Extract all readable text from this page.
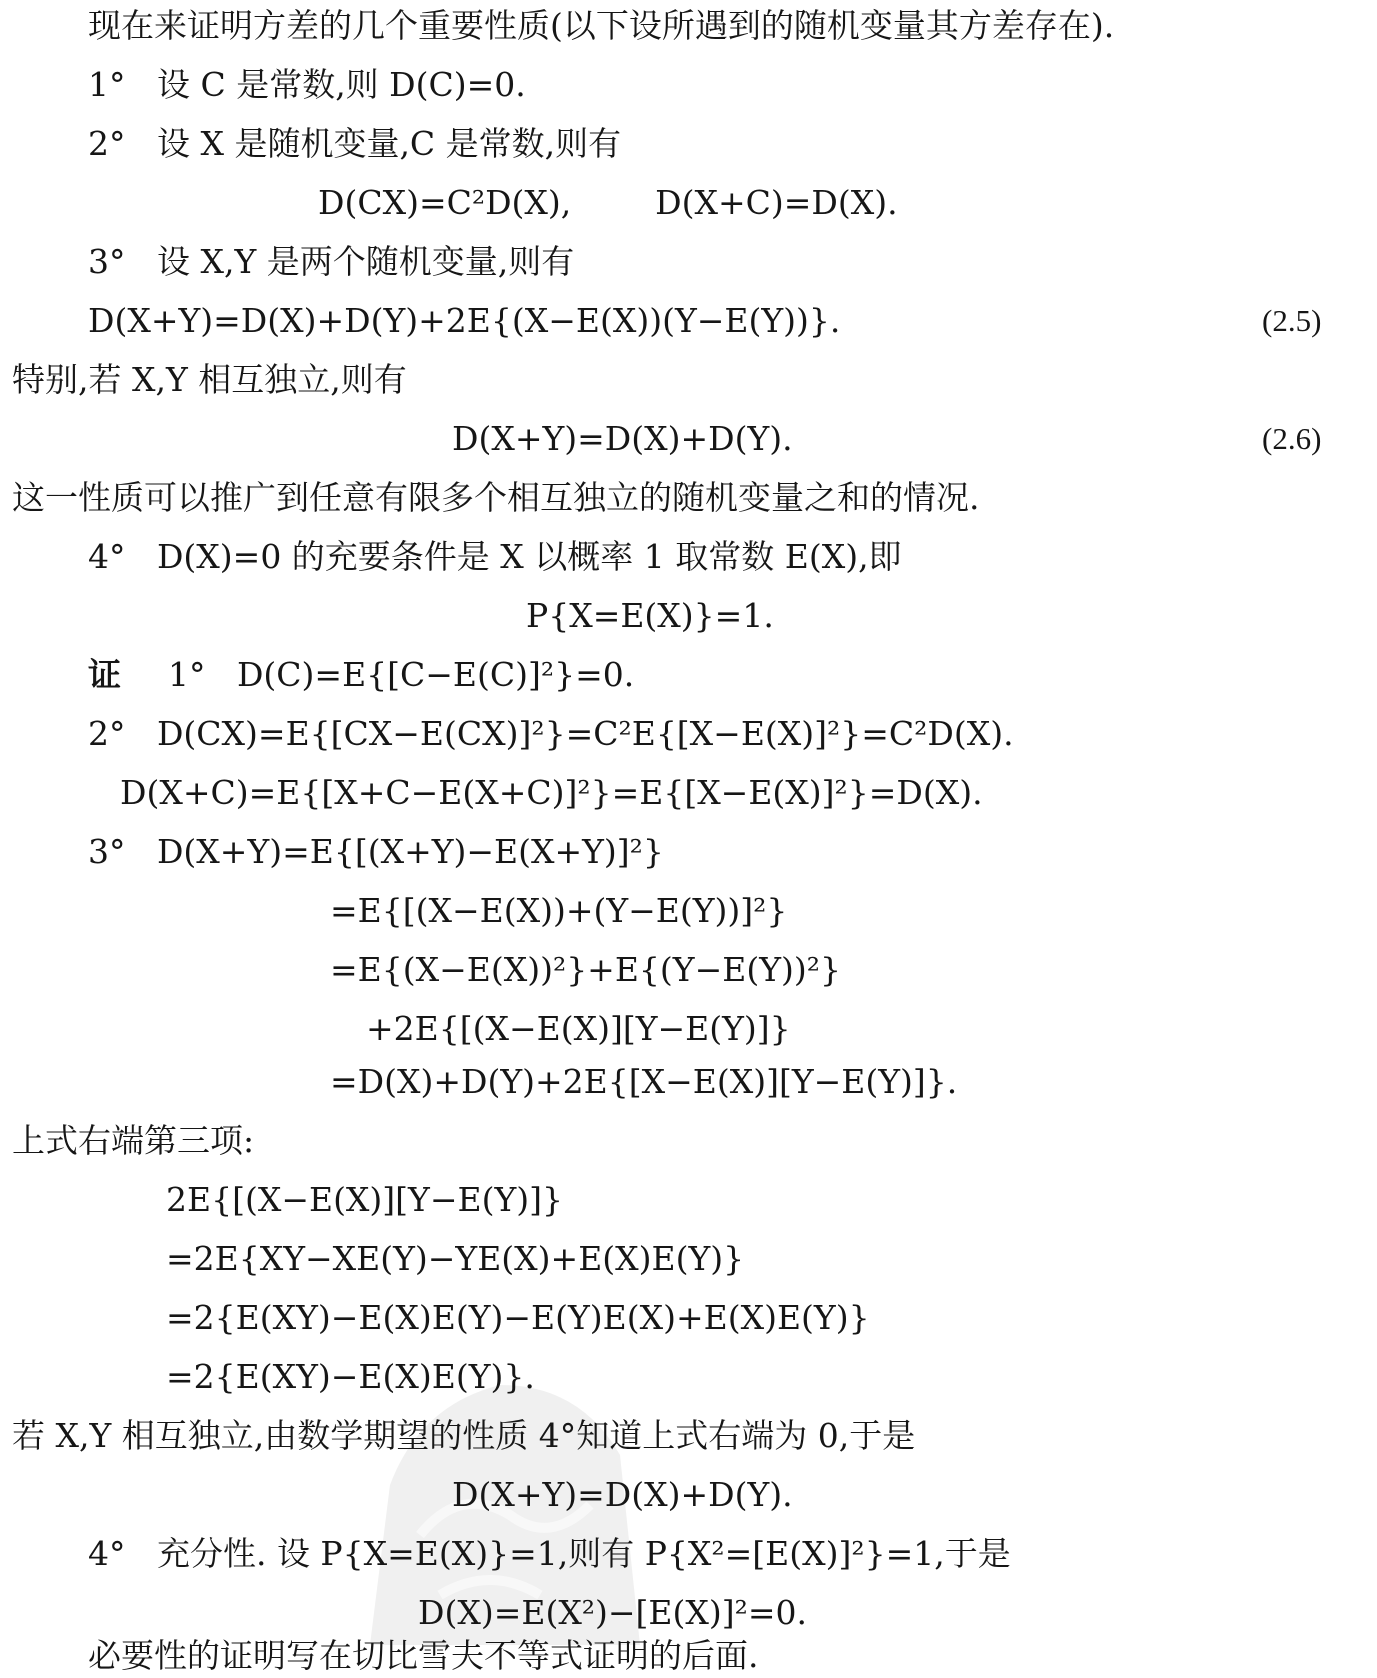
现在来证明方差的几个重要性质(以下设所遇到的随机变量其方差存在).
1°   设 C 是常数,则 D(C)=0.
2°   设 X 是随机变量,C 是常数,则有
D(CX)=C²D(X),        D(X+C)=D(X).
3°   设 X,Y 是两个随机变量,则有
D(X+Y)=D(X)+D(Y)+2E{(X−E(X))(Y−E(Y))}.	(2.5)
特别,若 X,Y 相互独立,则有
D(X+Y)=D(X)+D(Y).	(2.6)
这一性质可以推广到任意有限多个相互独立的随机变量之和的情况.
4°   D(X)=0 的充要条件是 X 以概率 1 取常数 E(X),即
P{X=E(X)}=1.
证 1°   D(C)=E{[C−E(C)]²}=0.
2°   D(CX)=E{[CX−E(CX)]²}=C²E{[X−E(X)]²}=C²D(X).
D(X+C)=E{[X+C−E(X+C)]²}=E{[X−E(X)]²}=D(X).
3°   D(X+Y)=E{[(X+Y)−E(X+Y)]²}
=E{[(X−E(X))+(Y−E(Y))]²}
=E{(X−E(X))²}+E{(Y−E(Y))²}
+2E{[(X−E(X)][Y−E(Y)]}
=D(X)+D(Y)+2E{[X−E(X)][Y−E(Y)]}.
上式右端第三项:
2E{[(X−E(X)][Y−E(Y)]}
=2E{XY−XE(Y)−YE(X)+E(X)E(Y)}
=2{E(XY)−E(X)E(Y)−E(Y)E(X)+E(X)E(Y)}
=2{E(XY)−E(X)E(Y)}.
若 X,Y 相互独立,由数学期望的性质 4°知道上式右端为 0,于是
D(X+Y)=D(X)+D(Y).
4°   充分性. 设 P{X=E(X)}=1,则有 P{X²=[E(X)]²}=1,于是
D(X)=E(X²)−[E(X)]²=0.
必要性的证明写在切比雪夫不等式证明的后面.
